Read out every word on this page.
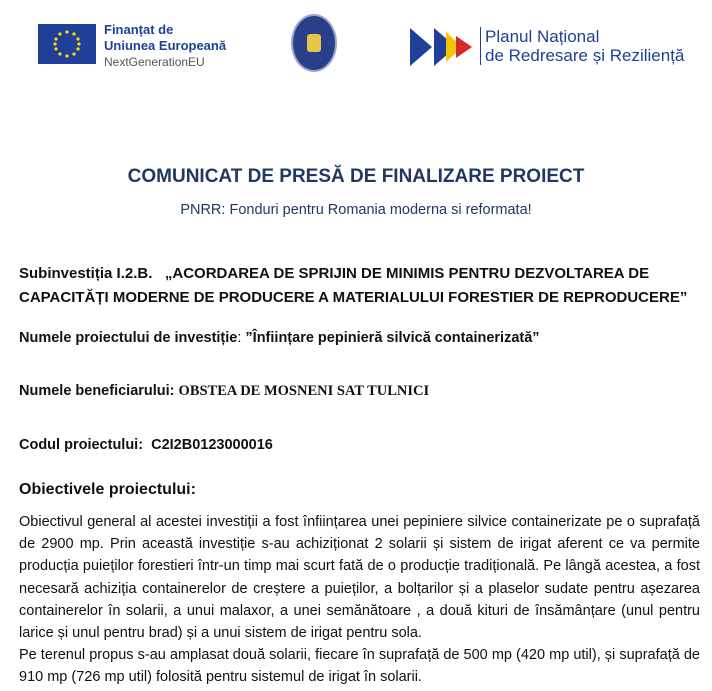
Finanțat de
Uniunea Europeană
NextGenerationEU
Planul Național
de Redresare și Reziliență
COMUNICAT DE PRESĂ DE FINALIZARE PROIECT
PNRR: Fonduri pentru Romania moderna si reformata!
Subinvestiția I.2.B. „ACORDAREA DE SPRIJIN DE MINIMIS PENTRU DEZVOLTAREA DE CAPACITĂȚI MODERNE DE PRODUCERE A MATERIALULUI FORESTIER DE REPRODUCERE”
Numele proiectului de investiție: ”Înființare pepinieră silvică containerizată”
Numele beneficiarului: OBSTEA DE MOSNENI SAT TULNICI
Codul proiectului: C2I2B0123000016
Obiectivele proiectului:
Obiectivul general al acestei investiții a fost înființarea unei pepiniere silvice containerizate pe o suprafață de 2900 mp. Prin această investiție s-au achiziționat 2 solarii și sistem de irigat aferent ce va permite producția puieților forestieri într-un timp mai scurt fată de o producție tradițională. Pe lângă acestea, a fost necesară achiziția containerelor de creștere a puieților, a bolțarilor și a plaselor sudate pentru așezarea containerelor în solarii, a unui malaxor, a unei semănătoare , a două kituri de însămânțare (unul pentru larice și unul pentru brad) și a unui sistem de irigat pentru sola.
Pe terenul propus s-au amplasat două solarii, fiecare în suprafață de 500 mp (420 mp util), și suprafață de 910 mp (726 mp util) folosită pentru sistemul de irigat în solarii.
